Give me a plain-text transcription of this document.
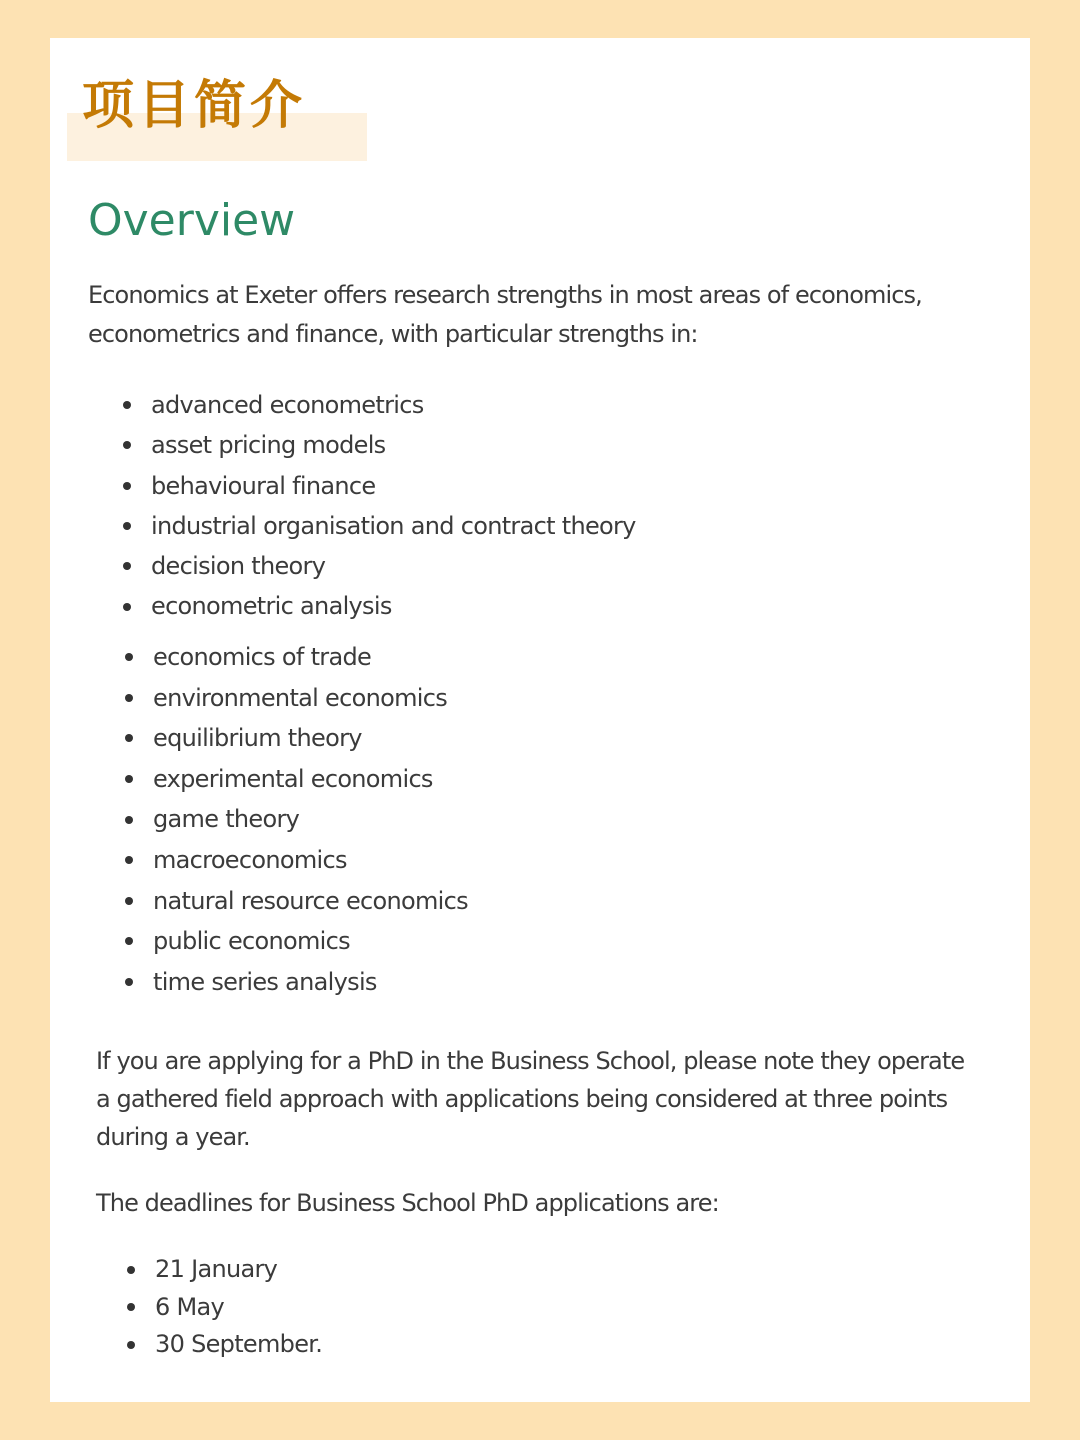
项目简介
Overview
Economics at Exeter offers research strengths in most areas of economics,
econometrics and finance, with particular strengths in:
advanced econometrics
asset pricing models
behavioural finance
industrial organisation and contract theory
decision theory
econometric analysis
economics of trade
environmental economics
equilibrium theory
experimental economics
game theory
macroeconomics
natural resource economics
public economics
time series analysis
If you are applying for a PhD in the Business School, please note they operate
a gathered field approach with applications being considered at three points
during a year.

The deadlines for Business School PhD applications are:

21 January
6 May
30 September.
